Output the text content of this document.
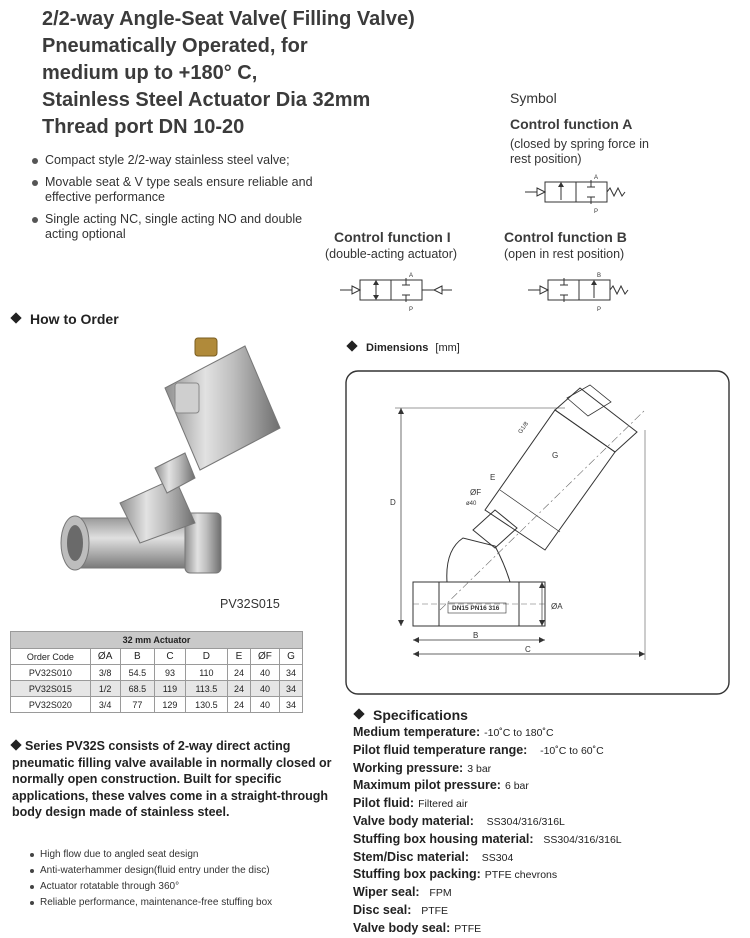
2/2-way Angle-Seat Valve( Filling Valve)
Pneumatically Operated, for
medium up to +180° C,
Stainless Steel Actuator Dia 32mm
Thread port DN 10-20
Compact style 2/2-way stainless steel valve;
Movable seat & V type seals ensure reliable and effective performance
Single acting NC, single acting NO and double acting optional
Symbol
Control function A
(closed by spring force in rest position)
A
P
Control function I
(double-acting actuator)
Control function B
(open in rest position)
A
P
B
P
How to Order
PV32S015
32 mm Actuator							
Order Code	ØA	B	C	D	E	ØF	G
PV32S010	3/8	54.5	93	110	24	40	34
PV32S015	1/2	68.5	119	113.5	24	40	34
PV32S020	3/4	77	129	130.5	24	40	34
Dimensions [mm]
DN15 PN16 316
D
B
C
ØA
G
E
ØF
ø40
G1/8
Series PV32S consists of 2-way direct acting pneumatic filling valve available in normally closed or normally open construction. Built for specific applications, these valves come in a straight-through body design made of stainless steel.
High flow due to angled seat design
Anti-waterhammer design(fluid entry under the disc)
Actuator rotatable through 360°
Reliable performance, maintenance-free stuffing box
Specifications
Medium temperature: -10˚C to 180˚C
Pilot fluid temperature range:   -10˚C to 60˚C
Working pressure: 3 bar
Maximum pilot pressure: 6 bar
Pilot fluid: Filtered air
Valve body material:   SS304/316/316L
Stuffing box housing material:  SS304/316/316L
Stem/Disc material:   SS304
Stuffing box packing: PTFE chevrons
Wiper seal:  FPM
Disc seal:  PTFE
Valve body seal: PTFE
